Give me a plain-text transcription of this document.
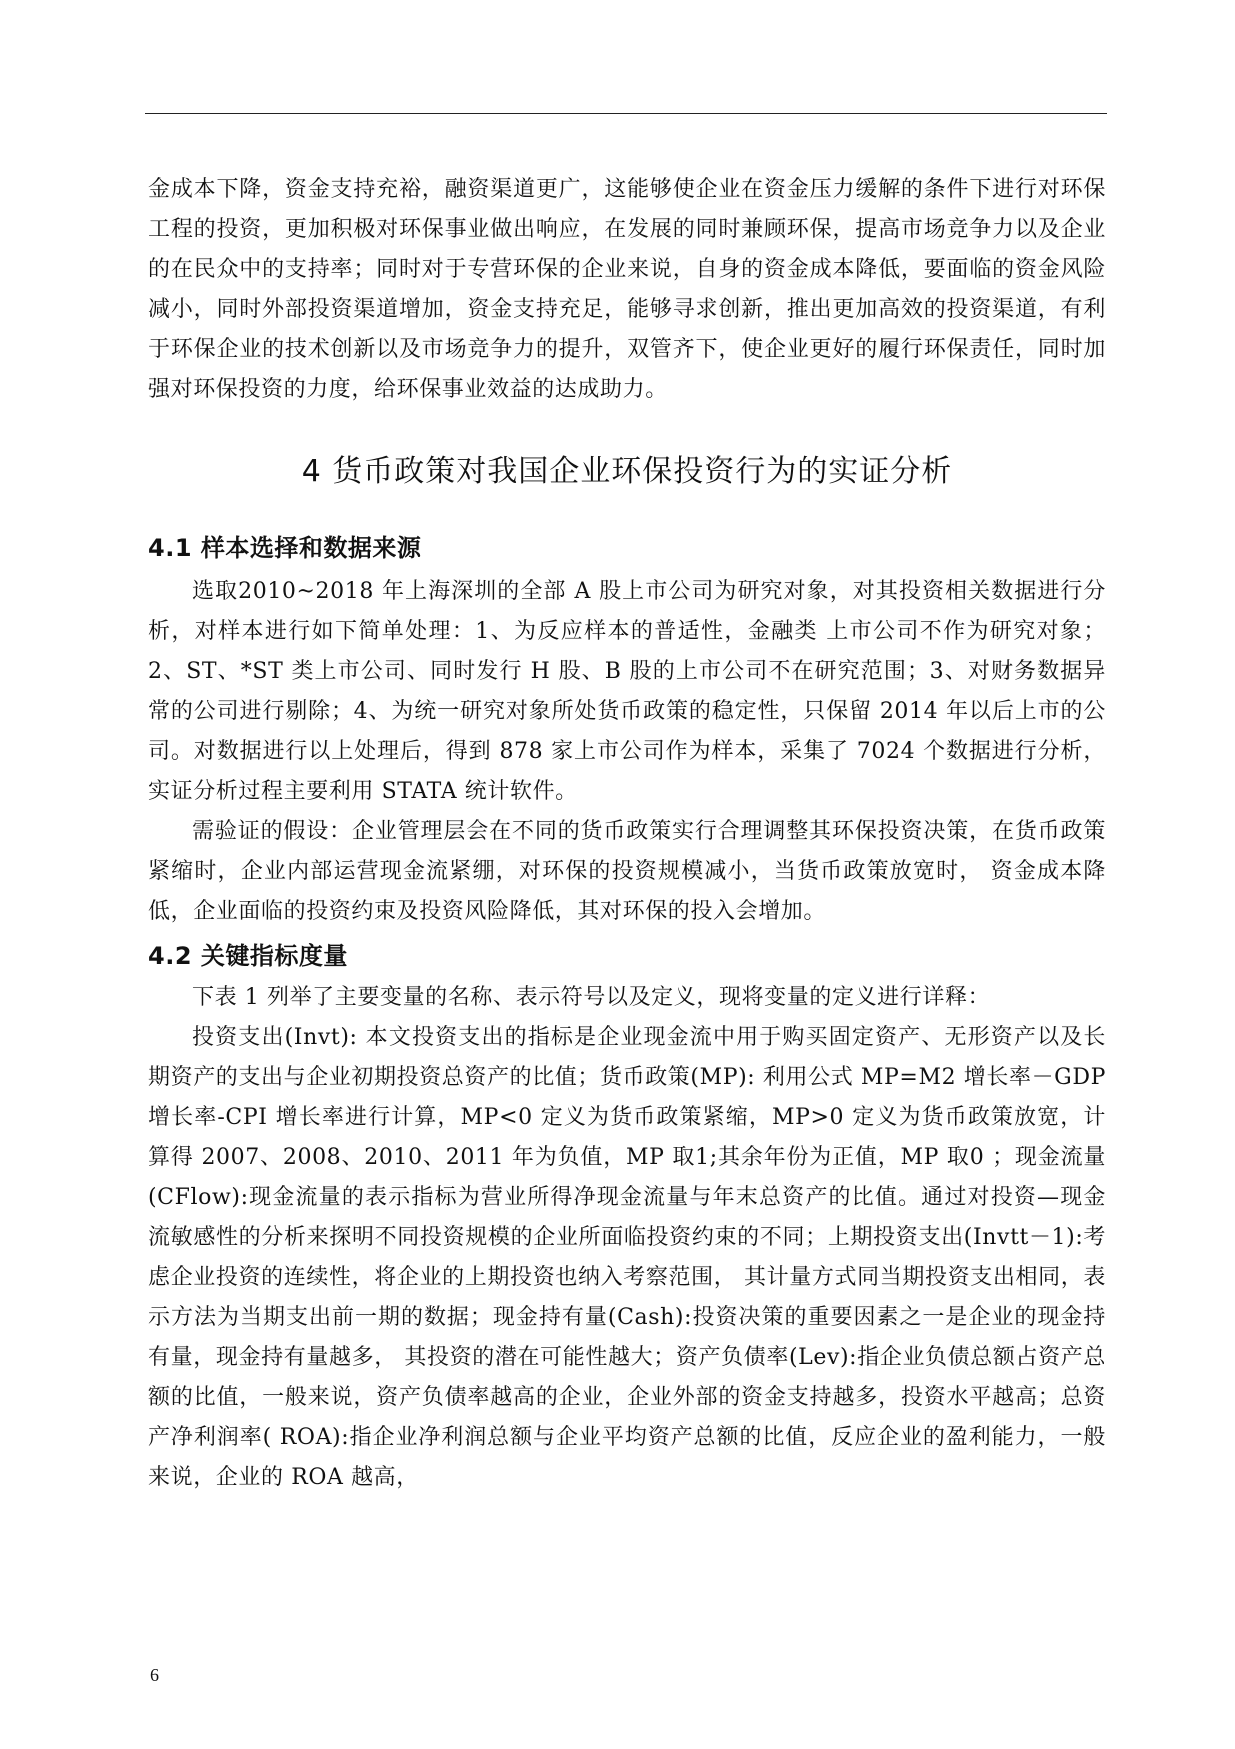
金成本下降，资金支持充裕，融资渠道更广，这能够使企业在资金压力缓解的条件下进行对环保工程的投资，更加积极对环保事业做出响应，在发展的同时兼顾环保，提高市场竞争力以及企业的在民众中的支持率；同时对于专营环保的企业来说，自身的资金成本降低，要面临的资金风险减小，同时外部投资渠道增加，资金支持充足，能够寻求创新，推出更加高效的投资渠道，有利于环保企业的技术创新以及市场竞争力的提升，双管齐下，使企业更好的履行环保责任，同时加强对环保投资的力度，给环保事业效益的达成助力。

4 货币政策对我国企业环保投资行为的实证分析
4.1 样本选择和数据来源

选取2010~2018 年上海深圳的全部 A 股上市公司为研究对象，对其投资相关数据进行分析，对样本进行如下简单处理：1、为反应样本的普适性，金融类 上市公司不作为研究对象；2、ST、*ST 类上市公司、同时发行 H 股、B 股的上市公司不在研究范围；3、对财务数据异常的公司进行剔除；4、为统一研究对象所处货币政策的稳定性，只保留 2014 年以后上市的公司。对数据进行以上处理后，得到 878 家上市公司作为样本，采集了 7024 个数据进行分析，实证分析过程主要利用 STATA 统计软件。

需验证的假设：企业管理层会在不同的货币政策实行合理调整其环保投资决策，在货币政策紧缩时，企业内部运营现金流紧绷，对环保的投资规模减小，当货币政策放宽时， 资金成本降低，企业面临的投资约束及投资风险降低，其对环保的投入会增加。

4.2 关键指标度量

下表 1 列举了主要变量的名称、表示符号以及定义，现将变量的定义进行详释：

投资支出(Invt): 本文投资支出的指标是企业现金流中用于购买固定资产、无形资产以及长期资产的支出与企业初期投资总资产的比值；货币政策(MP): 利用公式 MP=M2 增长率－GDP 增长率-CPI 增长率进行计算，MP<0 定义为货币政策紧缩，MP>0 定义为货币政策放宽，计算得 2007、2008、2010、2011 年为负值，MP 取1;其余年份为正值，MP 取0 ；现金流量(CFlow):现金流量的表示指标为营业所得净现金流量与年末总资产的比值。通过对投资—现金流敏感性的分析来探明不同投资规模的企业所面临投资约束的不同；上期投资支出(Invtt－1):考虑企业投资的连续性，将企业的上期投资也纳入考察范围， 其计量方式同当期投资支出相同，表示方法为当期支出前一期的数据；现金持有量(Cash):投资决策的重要因素之一是企业的现金持有量，现金持有量越多， 其投资的潜在可能性越大；资产负债率(Lev):指企业负债总额占资产总额的比值，一般来说，资产负债率越高的企业，企业外部的资金支持越多，投资水平越高；总资产净利润率( ROA):指企业净利润总额与企业平均资产总额的比值，反应企业的盈利能力，一般来说，企业的 ROA 越高，

6
